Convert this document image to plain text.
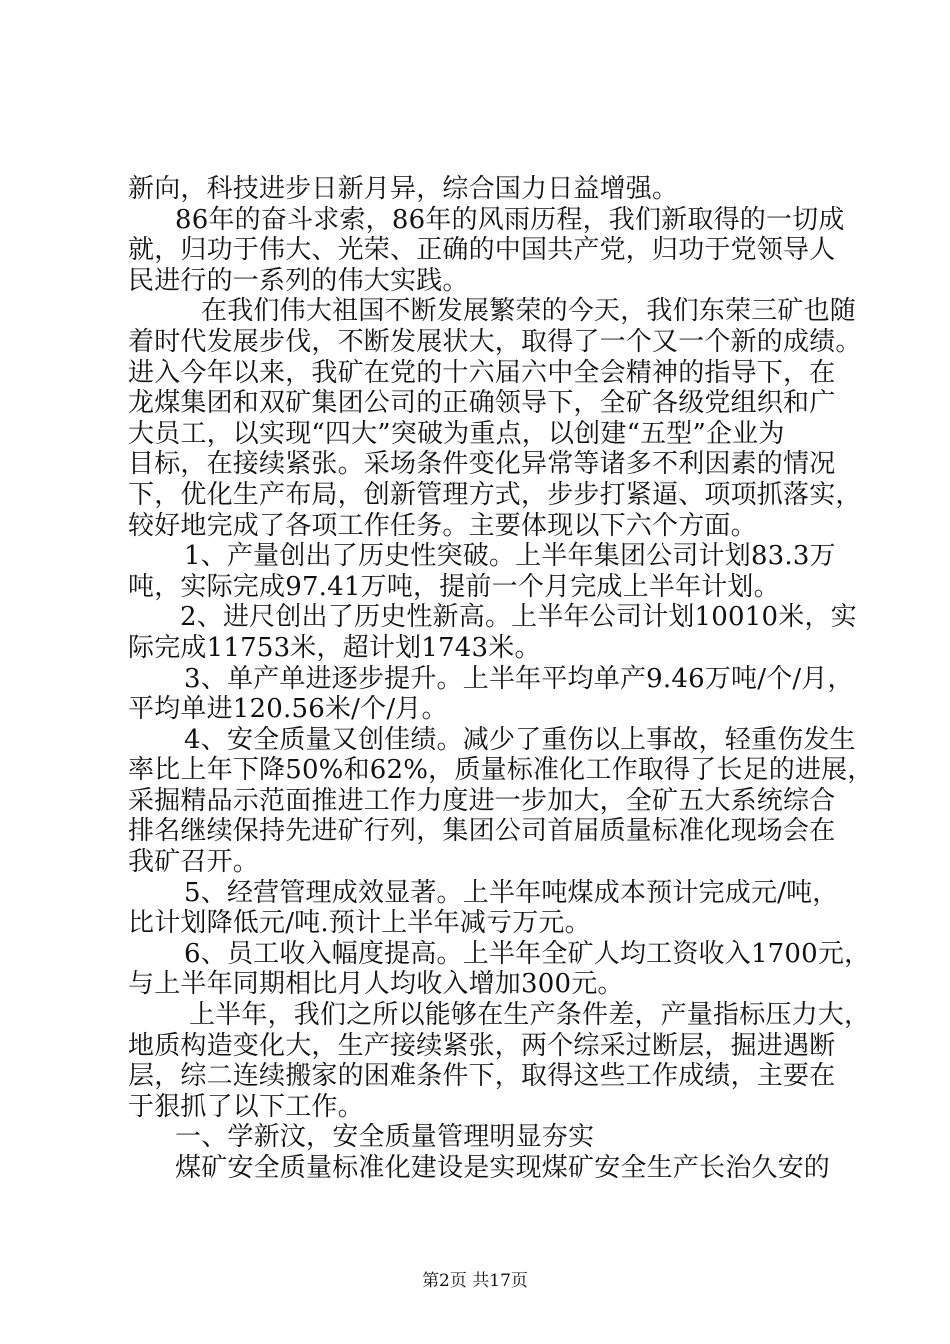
新向，科技进步日新月异，综合国力日益增强。
86年的奋斗求索，86年的风雨历程，我们新取得的一切成
就，归功于伟大、光荣、正确的中国共产党，归功于党领导人
民进行的一系列的伟大实践。
在我们伟大祖国不断发展繁荣的今天，我们东荣三矿也随
着时代发展步伐，不断发展状大，取得了一个又一个新的成绩。
进入今年以来，我矿在党的十六届六中全会精神的指导下，在
龙煤集团和双矿集团公司的正确领导下，全矿各级党组织和广
大员工，以实现“四大”突破为重点，以创建“五型”企业为
目标，在接续紧张。采场条件变化异常等诸多不利因素的情况
下，优化生产布局，创新管理方式，步步打紧逼、项项抓落实，
较好地完成了各项工作任务。主要体现以下六个方面。
1、产量创出了历史性突破。上半年集团公司计划83.3万
吨，实际完成97.41万吨，提前一个月完成上半年计划。
2、进尺创出了历史性新高。上半年公司计划10010米，实
际完成11753米，超计划1743米。
3、单产单进逐步提升。上半年平均单产9.46万吨/个/月，
平均单进120.56米/个/月。
4、安全质量又创佳绩。减少了重伤以上事故，轻重伤发生
率比上年下降50%和62%，质量标准化工作取得了长足的进展，
采掘精品示范面推进工作力度进一步加大，全矿五大系统综合
排名继续保持先进矿行列，集团公司首届质量标准化现场会在
我矿召开。
5、经营管理成效显著。上半年吨煤成本预计完成元/吨，
比计划降低元/吨.预计上半年减亏万元。
6、员工收入幅度提高。上半年全矿人均工资收入1700元，
与上半年同期相比月人均收入增加300元。
上半年，我们之所以能够在生产条件差，产量指标压力大，
地质构造变化大，生产接续紧张，两个综采过断层，掘进遇断
层，综二连续搬家的困难条件下，取得这些工作成绩，主要在
于狠抓了以下工作。
一、学新汶，安全质量管理明显夯实
煤矿安全质量标准化建设是实现煤矿安全生产长治久安的
第2页 共17页
